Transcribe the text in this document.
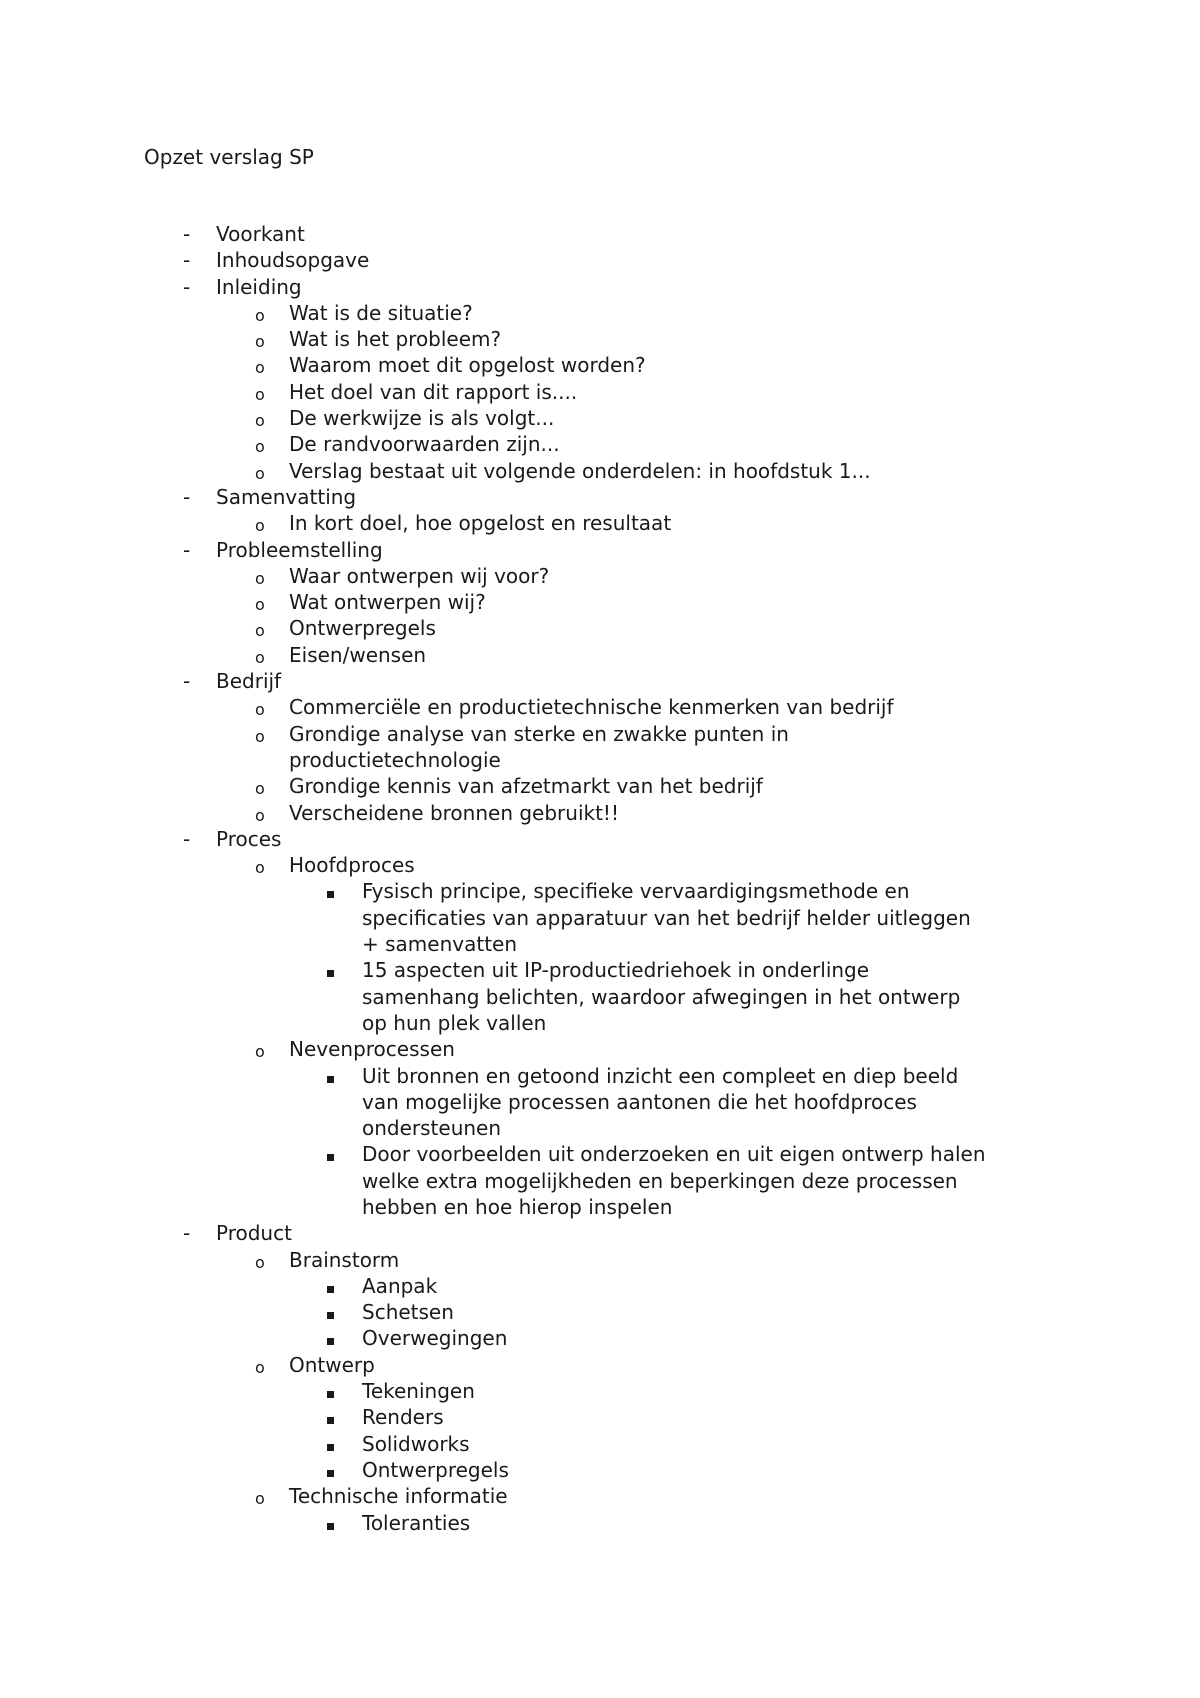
Opzet verslag SP
- Voorkant
- Inhoudsopgave
- Inleiding
o Wat is de situatie?
o Wat is het probleem?
o Waarom moet dit opgelost worden?
o Het doel van dit rapport is....
o De werkwijze is als volgt...
o De randvoorwaarden zijn...
o Verslag bestaat uit volgende onderdelen: in hoofdstuk 1...
- Samenvatting
o In kort doel, hoe opgelost en resultaat
- Probleemstelling
o Waar ontwerpen wij voor?
o Wat ontwerpen wij?
o Ontwerpregels
o Eisen/wensen
- Bedrijf
o Commerciële en productietechnische kenmerken van bedrijf
o Grondige analyse van sterke en zwakke punten in
productietechnologie
o Grondige kennis van afzetmarkt van het bedrijf
o Verscheidene bronnen gebruikt!!
- Proces
o Hoofdproces
Fysisch principe, specifieke vervaardigingsmethode en
specificaties van apparatuur van het bedrijf helder uitleggen
+ samenvatten
15 aspecten uit IP-productiedriehoek in onderlinge
samenhang belichten, waardoor afwegingen in het ontwerp
op hun plek vallen
o Nevenprocessen
Uit bronnen en getoond inzicht een compleet en diep beeld
van mogelijke processen aantonen die het hoofdproces
ondersteunen
Door voorbeelden uit onderzoeken en uit eigen ontwerp halen
welke extra mogelijkheden en beperkingen deze processen
hebben en hoe hierop inspelen
- Product
o Brainstorm
Aanpak
Schetsen
Overwegingen
o Ontwerp
Tekeningen
Renders
Solidworks
Ontwerpregels
o Technische informatie
Toleranties
